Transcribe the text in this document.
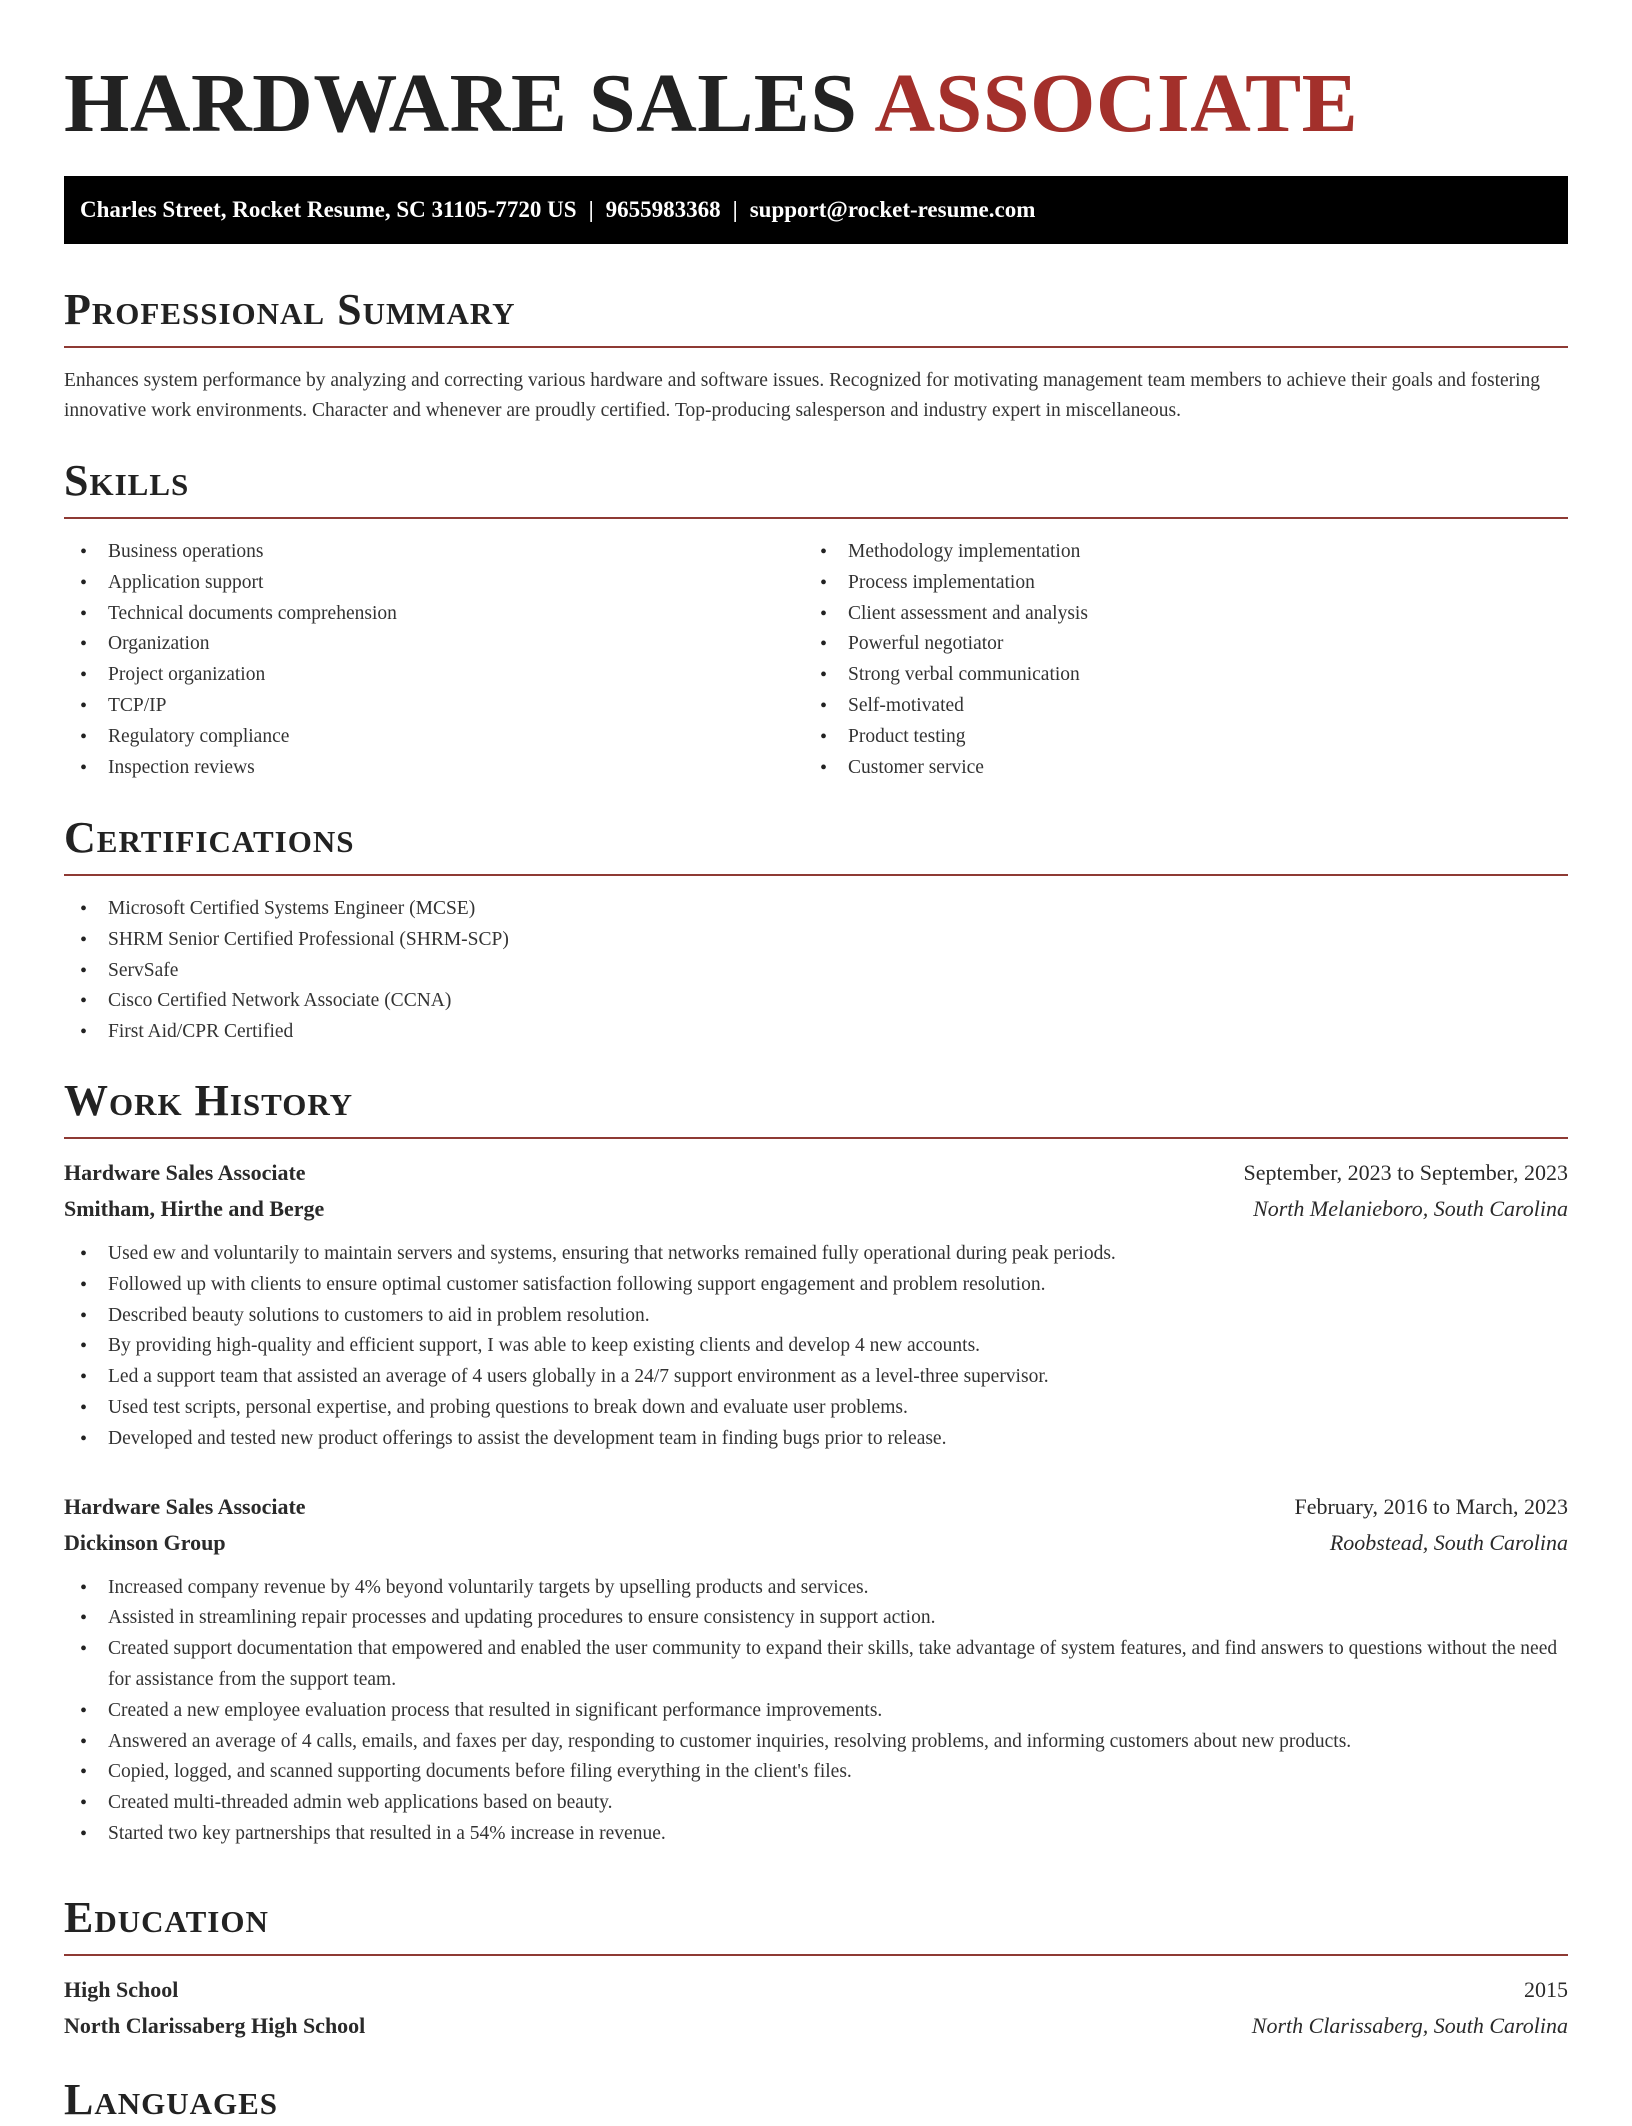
HARDWARE SALES ASSOCIATE
Charles Street, Rocket Resume, SC 31105-7720 US | 9655983368 | support@rocket-resume.com
Professional Summary

Enhances system performance by analyzing and correcting various hardware and software issues. Recognized for motivating management team members to achieve their goals and fostering innovative work environments. Character and whenever are proudly certified. Top-producing salesperson and industry expert in miscellaneous.

Skills
• Business operations
• Application support
• Technical documents comprehension
• Organization
• Project organization
• TCP/IP
• Regulatory compliance
• Inspection reviews
• Methodology implementation
• Process implementation
• Client assessment and analysis
• Powerful negotiator
• Strong verbal communication
• Self-motivated
• Product testing
• Customer service
Certifications
• Microsoft Certified Systems Engineer (MCSE)
• SHRM Senior Certified Professional (SHRM-SCP)
• ServSafe
• Cisco Certified Network Associate (CCNA)
• First Aid/CPR Certified
Work History
Hardware Sales Associate	September, 2023 to September, 2023
Smitham, Hirthe and Berge	North Melanieboro, South Carolina
• Used ew and voluntarily to maintain servers and systems, ensuring that networks remained fully operational during peak periods.
• Followed up with clients to ensure optimal customer satisfaction following support engagement and problem resolution.
• Described beauty solutions to customers to aid in problem resolution.
• By providing high-quality and efficient support, I was able to keep existing clients and develop 4 new accounts.
• Led a support team that assisted an average of 4 users globally in a 24/7 support environment as a level-three supervisor.
• Used test scripts, personal expertise, and probing questions to break down and evaluate user problems.
• Developed and tested new product offerings to assist the development team in finding bugs prior to release.
Hardware Sales Associate	February, 2016 to March, 2023
Dickinson Group	Roobstead, South Carolina
• Increased company revenue by 4% beyond voluntarily targets by upselling products and services.
• Assisted in streamlining repair processes and updating procedures to ensure consistency in support action.
• Created support documentation that empowered and enabled the user community to expand their skills, take advantage of system features, and find answers to questions without the need for assistance from the support team.
• Created a new employee evaluation process that resulted in significant performance improvements.
• Answered an average of 4 calls, emails, and faxes per day, responding to customer inquiries, resolving problems, and informing customers about new products.
• Copied, logged, and scanned supporting documents before filing everything in the client's files.
• Created multi-threaded admin web applications based on beauty.
• Started two key partnerships that resulted in a 54% increase in revenue.
Education
High School	2015
North Clarissaberg High School	North Clarissaberg, South Carolina
Languages
